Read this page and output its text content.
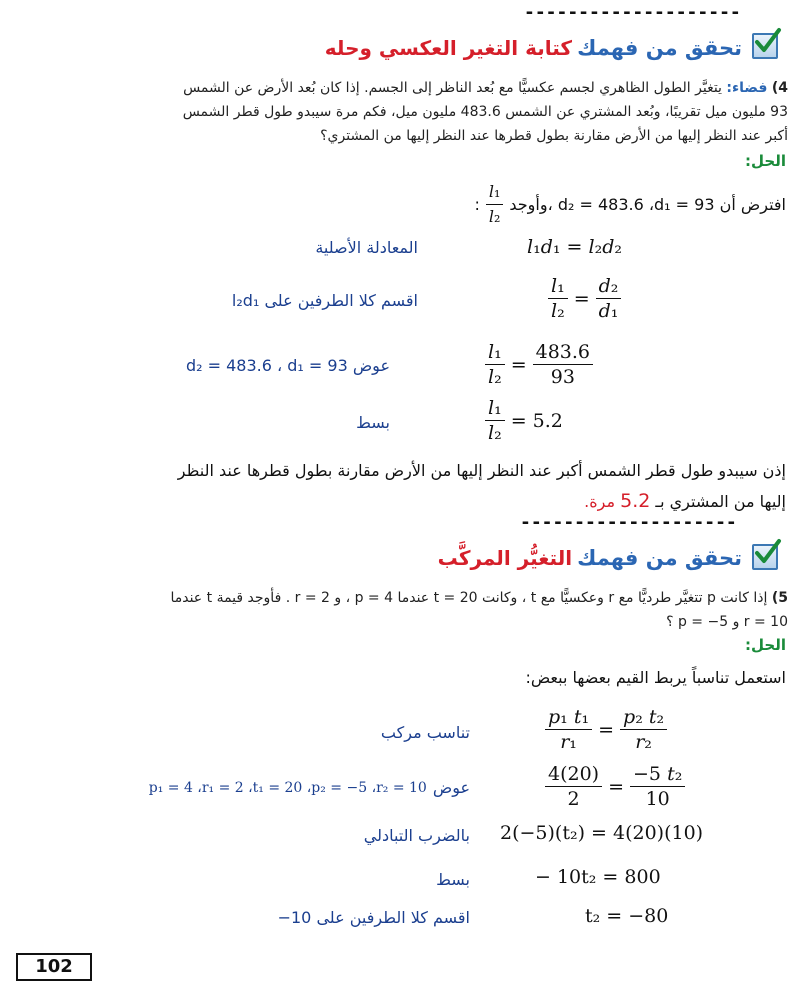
--------------------
تحقق من فهمك كتابة التغير العكسي وحله
4) فضاء: يتغيَّر الطول الظاهري لجسم عكسيًّا مع بُعد الناظر إلى الجسم. إذا كان بُعد الأرض عن الشمس
93 مليون ميل تقريبًا، وبُعد المشتري عن الشمس 483.6 مليون ميل، فكم مرة سيبدو طول قطر الشمس
أكبر عند النظر إليها من الأرض مقارنة بطول قطرها عند النظر إليها من المشتري؟
الحل:
افترض أن d₂ = 483.6 ،d₁ = 93 ،وأوجد
$\frac{\text{l₁}}{\text{l₂}}$
:
المعادلة الأصلية	l₁d₁ = l₂d₂
اقسم كلا الطرفين على l₂d₁	$\frac{\text{l₁}}{\text{l₂}} = \frac{\text{d₂}}{\text{d₁}}$
عوض d₂ = 483.6 ، d₁ = 93	$\frac{\text{l₁}}{\text{l₂}} = \frac{483.6}{93}$
بسط	$\frac{\text{l₁}}{\text{l₂}} = 5.2$
إذن سيبدو طول قطر الشمس أكبر عند النظر إليها من الأرض مقارنة بطول قطرها عند النظر
إليها من المشتري بـ 5.2 مرة.
--------------------
تحقق من فهمك التغيُّر المركَّب
5) إذا كانت p تتغيَّر طرديًّا مع r وعكسيًّا مع t ، وكانت t = 20 عندما p = 4 ، و r = 2 . فأوجد قيمة t عندما
r = 10 و p = −5 ؟
الحل:
استعمل تناسباً يربط القيم بعضها ببعض:
تناسب مركب	$\frac{\text{p₁ t₁}}{\text{r₁}} = \frac{\text{p₂ t₂}}{\text{r₂}}$
عوض
p₁ = 4 ،r₁ = 2 ،t₁ = 20 ،p₂ = −5 ،r₂ = 10	$\frac{4(20)}{2} = \frac{\text{−5 t₂}}{10}$
بالضرب التبادلي 2(−5)(t₂) = 4(20)(10)
بسط	− 10t₂ = 800
اقسم كلا الطرفين على 10−	t₂ = −80
102
